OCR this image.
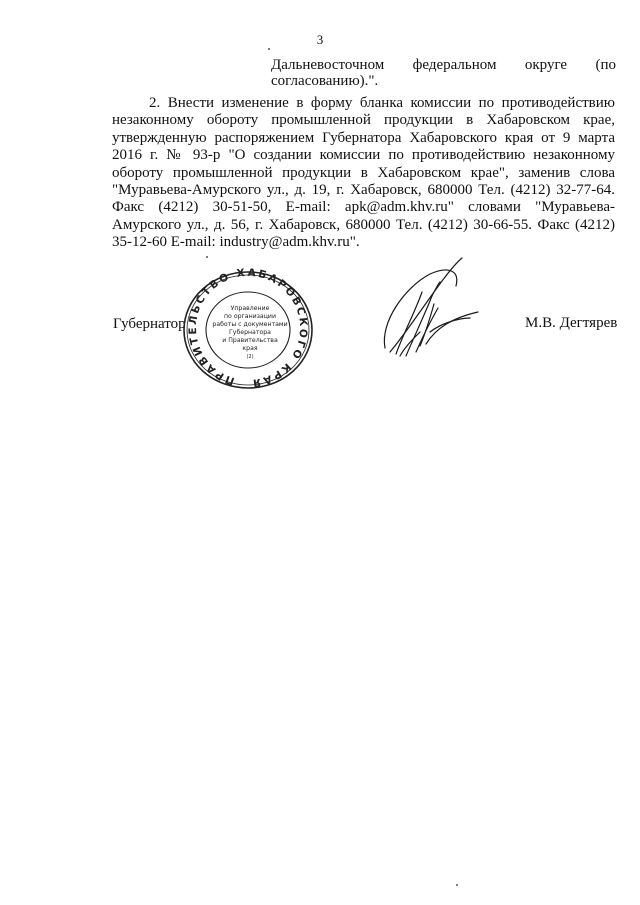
3
Дальневосточном федеральном округе (по
согласованию).".
2. Внести изменение в форму бланка комиссии по противодействию
незаконному обороту промышленной продукции в Хабаровском крае,
утвержденную распоряжением Губернатора Хабаровского края от 9 марта
2016 г. № 93-р "О создании комиссии по противодействию незаконному
обороту промышленной продукции в Хабаровском крае", заменив слова
"Муравьева-Амурского ул., д. 19, г. Хабаровск, 680000 Тел. (4212) 32-77-64.
Факс (4212) 30-51-50, E-mail: apk@adm.khv.ru" словами "Муравьева-
Амурского ул., д. 56, г. Хабаровск, 680000 Тел. (4212) 30-66-55. Факс (4212)
35-12-60 E-mail: industry@adm.khv.ru".
Губернатор
ПРАВИТЕЛЬСТВО ХАБАРОВСКОГО КРАЯ
Управление
по организации
работы с документами
Губернатора
и Правительства
края
(2)
М.В. Дегтярев
